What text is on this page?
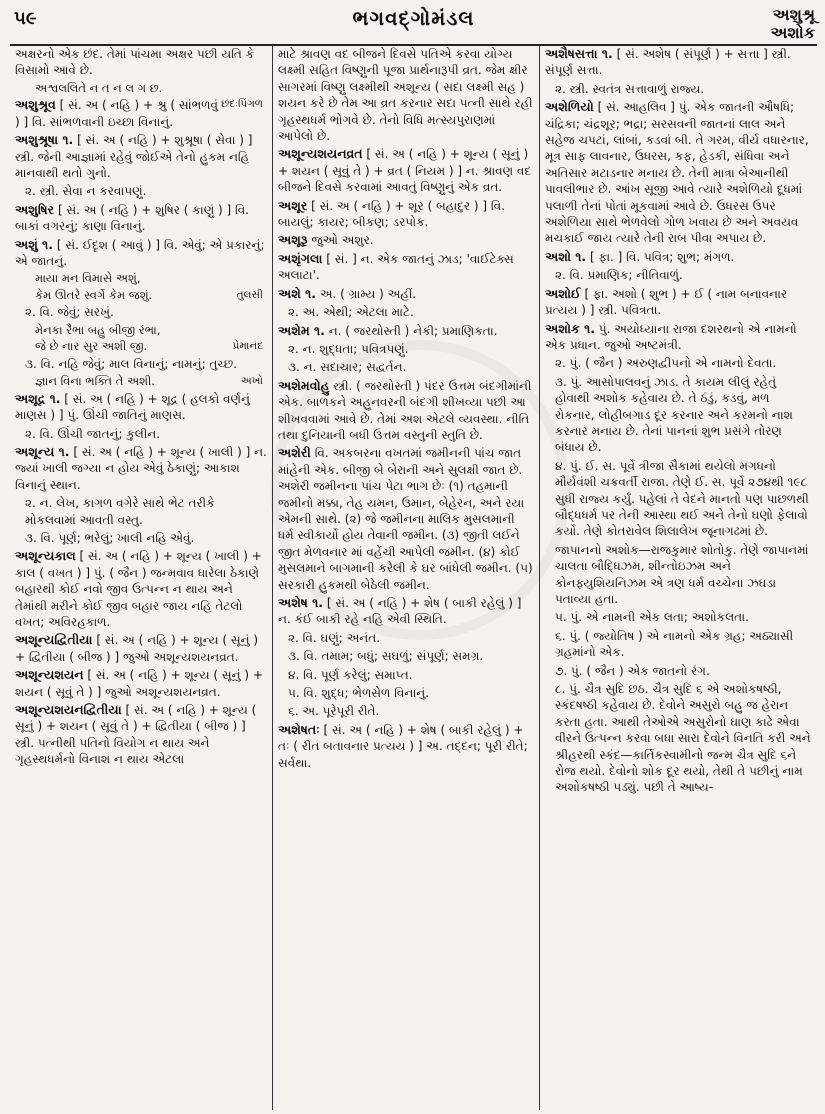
૫૯	ભગવદ્ગોમંડલ	અશુશ્રૂ
અશોક
અક્ષરનો એક છંદ. તેમાં પાંચમા અક્ષર પછી યતિ કે વિસામો આવે છે.
અશ્વલલિતે ન ત ન લ ગ છ.
છંદઃપિંગળ
અશુશ્રૂવ [ સં. અ ( નહિ ) + શ્રુ ( સાંભળવું ) ] વિ. સાંભળવાની ઇચ્છા વિનાનું.
અશુશ્રૂષા ૧. [ સં. અ ( નહિ ) + શુશ્રૂષા ( સેવા ) ] સ્ત્રી. જેની આજ્ઞામાં રહેવું જોઈએ તેનો હુકમ નહિ માનવાથી થતો ગુનો.
૨. સ્ત્રી. સેવા ન કરવાપણું.
અશુષિર [ સં. અ ( નહિ ) + શુષિર ( કાણું ) ] વિ. બાકાં વગરનું; કાણા વિનાનું.
અશું ૧. [ સં. ઈદૃશ ( આવું ) ] વિ. એવું; એ પ્રકારનું; એ જાતનું.
માયા મન વિમાસે અશું,
તુલસી
કેમ ઊતરે સ્વર્ગે કેમ જશું.
૨. વિ. જેવું; સરખું.
મેનકા રૈભા બહુ બીજી રંભા,
પ્રેમાનંદ
જે છે નાર સુર અશી જી.
૩. વિ. નહિ જેવું; માલ વિનાનું; નામનું; તુચ્છ.
અખો
જ્ઞાન વિના ભક્તિ તે અશી.
અશૂદ્ર ૧. [ સં. અ ( નહિ ) + શૂદ્ર ( હલકો વર્ણનું માણસ ) ] પું. ઊંચી જાતિનું માણસ.
૨. વિ. ઊંચી જાતનું; કુલીન.
અશૂન્ય ૧. [ સં. અ ( નહિ ) + શૂન્ય ( ખાલી ) ] ન. જ્યાં ખાલી જગ્યા ન હોય એવું ઠેકાણું; આકાશ વિનાનું સ્થાન.
૨. ન. લેખ, કાગળ વગેરે સાથે ભેટ તરીકે મોકલવામાં આવતી વસ્તુ.
૩. વિ. પૂર્ણ; ભરેલું; ખાલી નહિ એવું.
અશૂન્યકાલ [ સં. અ ( નહિ ) + શૂન્ય ( ખાલી ) + કાલ ( વખત ) ] પું. ( જૈન ) જન્મવાવ ધારેલા ઠેકાણે બહારથી કોઈ નવો જીવ ઉત્પન્ન ન થાય અને તેમાંથી મરીને કોઈ જીવ બહાર જાય નહિ તેટલો વખત; અવિરહકાળ.
અશૂન્યદ્વિતીયા [ સં. અ ( નહિ ) + શૂન્ય ( સૂનું ) + દ્વિતીયા ( બીજ ) ] જુઓ અશૂન્યશયનવ્રત.
અશૂન્યશયન [ સં. અ ( નહિ ) + શૂન્ય ( સૂનું ) + શયન ( સૂવું તે ) ] જુઓ અશૂન્યશયનવ્રત.
અશૂન્યશયનદ્વિતીયા [ સં. અ ( નહિ ) + શૂન્ય ( સૂનું ) + શયન ( સૂવું તે ) + દ્વિતીયા ( બીજ ) ] સ્ત્રી. પત્નીથી પતિનો વિયોગ ન થાય અને ગૃહસ્થધર્મનો વિનાશ ન થાય એટલા
માટે શ્રાવણ વદ બીજને દિવસે પતિએ કરવા યોગ્ય લક્ષ્મી સહિત વિષ્ણુની પૂજા પ્રાર્થનારૂપી વ્રત. જેમ ક્ષીર સાગરમાં વિષ્ણુ લક્ષ્મીથી અશૂન્ય ( સદા લક્ષ્મી સહ ) શયન કરે છે તેમ આ વ્રત કરનાર સદા પત્ની સાથે રહી ગૃહસ્થધર્મ ભોગવે છે. તેનો વિધિ મત્સ્યપુરાણમાં આપેલો છે.
અશૂન્યશયનવ્રત [ સં. અ ( નહિ ) + શૂન્ય ( સૂનું ) + શયન ( સૂવું તે ) + વ્રત ( નિયમ ) ] ન. શ્રાવણ વદ બીજને દિવસે કરવામાં આવતું વિષ્ણુનું એક વ્રત.
અશૂર [ સં. અ ( નહિ ) + શૂર ( બહાદુર ) ] વિ. બાયલું; કાયર; બીકણ; ડરપોક.
અશૂરૂ જુઓ અશુર.
અશૃંગલા [ સં. ] ન. એક જાતનું ઝાડ; 'વાઈટેક્સ અલાટા'.
અશે ૧. અ. ( ગ્રામ્ય ) અહીં.
૨. અ. એથી; એટલા માટે.
અશેમ ૧. ન. ( જરથોસ્તી ) નેકી; પ્રમાણિકતા.
૨. ન. શુદ્ધતા; પવિત્રપણું.
૩. ન. સદાચાર; સદ્વર્તન.
અશેમવોહુ સ્ત્રી. ( જરથોસ્તી ) પંદર ઉત્તમ બંદગીમાંની એક. બાળકને અહુનવરની બંદગી શીખવ્યા પછી આ શીખવવામાં આવે છે. તેમાં અશ એટલે વ્યવસ્થા. નીતિ તથા દુનિયાની બધી ઉત્તમ વસ્તુની સ્તુતિ છે.
અશેરી વિ. અકબરના વખતમાં જમીનની પાંચ જાત માંહેની એક. બીજી બે બેરાની અને સુલક્ષી જાત છે. અશેરી જમીનના પાંચ પેટા ભાગ છેઃ (૧) તહમાની જમીનો મક્કા, તેહ યમન, ઉમાન, બેહેરન, અને રયા એમની સાથે. (૨) જે જમીનના માલિક મુસલમાની ધર્મ સ્વીકાર્યો હોય તેવાની જમીન. (૩) જીતી લઈને જીત મેળવનાર માં વહેંચી આપેલી જમીન. (૪) કોઈ મુસલમાને બાગમાની કરેલી કે ઘર બાંધેલી જમીન. (૫) સરકારી હુકમથી બેઠેલી જમીન.
અશેષ ૧. [ સં. અ ( નહિ ) + શેષ ( બાકી રહેલું ) ] ન. કંઈ બાકી રહે નહિ એવી સ્થિતિ.
૨. વિ. ઘણું; અનંત.
૩. વિ. તમામ; બધું; સઘળું; સંપૂર્ણ; સમગ્ર.
૪. વિ. પૂર્ણ કરેલું; સમાપ્ત.
૫. વિ. શુદ્ધ; ભેળસેળ વિનાનું.
૬. અ. પૂરેપૂરી રીતે.
અશેષતઃ [ સં. અ ( નહિ ) + શેષ ( બાકી રહેલું ) + તઃ ( રીત બતાવનાર પ્રત્યય ) ] અ. તદ્દન; પૂરી રીતે; સર્વથા.
અશૈષસત્તા ૧. [ સં. અશેષ ( સંપૂર્ણ ) + સત્તા ] સ્ત્રી. સંપૂર્ણ સત્તા.
૨. સ્ત્રી. સ્વતંત્ર સત્તાવાળું રાજ્ય.
અશેળિયો [ સં. આહલિવ ] પું. એક જાતની ઔષધિ; ચંદ્રિકા; ચંદ્રશૂર; ભદ્રા; સરસવની જાતનાં લાલ અને સહેજ ચપટાં, લાંબાં, કડવાં બી. તે ગરમ, વીર્ય વધારનાર, મૂત્ર સાફ લાવનાર, ઉધરસ, કફ, હેડકી, સંધિવા અને અતિસાર મટાડનાર મનાય છે. તેની માત્રા બેઆનીથી પાવલીભાર છે. આંખ સૂજી આવે ત્યારે અશેળિયો દૂધમાં પલાળી તેનાં પોતાં મૂકવામાં આવે છે. ઉધરસ ઉપર અશેળિયા સાથે ભેળવેલો ગોળ ખવાય છે અને અવયવ મચકાઈ જાય ત્યારે તેની રાબ પીવા અપાય છે.
અશો ૧. [ ફા. ] વિ. પવિત્ર; શુભ; મંગળ.
૨. વિ. પ્રમાણિક; નીતિવાળું.
અશોઈ [ ફા. અશો ( શુભ ) + ઈ ( નામ બનાવનાર પ્રત્યય ) ] સ્ત્રી. પવિત્રતા.
અશોક ૧. પું. અયોધ્યાના રાજા દશરથનો એ નામનો એક પ્રધાન. જુઓ અષ્ટમંત્રી.
૨. પું. ( જૈન ) અરુણદ્વીપનો એ નામનો દેવતા.
૩. પું. આસોપાલવનું ઝાડ. તે કાયમ લીલું રહેતું હોવાથી અશોક કહેવાય છે. તે ઠંડું, કડવું, મળ રોકનાર, લોહીબગાડ દૂર કરનાર અને કરમનો નાશ કરનાર મનાય છે. તેનાં પાનનાં શુભ પ્રસંગે તોરણ બંધાય છે.
૪. પું. ઈ. સ. પૂર્વે ત્રીજા સૈકામાં થયેલો મગધનો મૌર્યવંશી ચક્રવર્તી રાજા. તેણે ઈ. સ. પૂર્વે ૨૭૪થી ૧૯૮ સુધી રાજ્ય કર્યું. પહેલાં તે વેદને માનતો પણ પાછળથી બૌદ્ધધર્મ પર તેની આસ્થા થઈ અને તેનો ઘણો ફેલાવો કર્યો. તેણે કોતરાવેલ શિલાલેખ જૂનાગઢમાં છે.
જાપાનનો અશોક—રાજકુમાર શોતોકુ. તેણે જાપાનમાં ચાલતા બૌદ્ધિઝમ, શીન્તોઇઝમ અને કોનફ્યુશિયનિઝમ એ ત્રણ ધર્મ વચ્ચેના ઝઘડા પતાવ્યા હતા.
૫. પું. એ નામની એક લતા; અશોકલતા.
૬. પું. ( જ્યોતિષ ) એ નામનો એક ગ્રહ; અઠ્યાસી ગ્રહમાંનો એક.
૭. પું. ( જૈન ) એક જાતનો રંગ.
૮. પું. ચૈત્ર સુદિ છઠ. ચૈત્ર સુદિ ૬ એ અશોકષષ્ઠી, સ્કંદષષ્ઠી કહેવાય છે. દેવોને અસુરો બહુ જ હેરાન કરતા હતા. આથી તેઓએ અસુરોનો ઘાણ કાઢે એવા વીરને ઉત્પન્ન કરવા બધા સારા દેવોને વિનતિ કરી અને શ્રીહરથી સ્કંદ—કાર્તિકસ્વામીનો જન્મ ચૈત્ર સુદિ ૬ને રોજ થયો. દેવોનો શોક દૂર થયો, તેથી તે પછીનું નામ અશોકષષ્ઠી પડ્યું. પછી તે આષ્ય-
